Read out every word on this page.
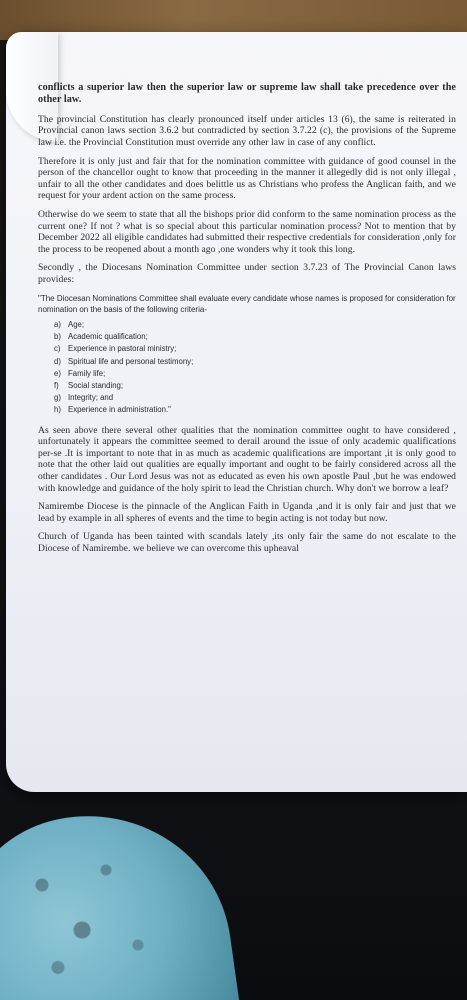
conflicts a superior law then the superior law or supreme law shall take precedence over the other law.

The provincial Constitution has clearly pronounced itself under articles 13 (6), the same is reiterated in Provincial canon laws section 3.6.2 but contradicted by section 3.7.22 (c), the provisions of the Supreme law i.e. the Provincial Constitution must override any other law in case of any conflict.

Therefore it is only just and fair that for the nomination committee with guidance of good counsel in the person of the chancellor ought to know that proceeding in the manner it allegedly did is not only illegal , unfair to all the other candidates and does belittle us as Christians who profess the Anglican faith, and we request for your ardent action on the same process.

Otherwise do we seem to state that all the bishops prior did conform to the same nomination process as the current one? If not ? what is so special about this particular nomination process? Not to mention that by December 2022 all eligible candidates had submitted their respective credentials for consideration ,only for the process to be reopened about a month ago ,one wonders why it took this long.

Secondly , the Diocesans Nomination Committee under section 3.7.23 of The Provincial Canon laws provides:

"The Diocesan Nominations Committee shall evaluate every candidate whose names is proposed for consideration for nomination on the basis of the following criteria-

a) Age;
b) Academic qualification;
c) Experience in pastoral ministry;
d) Spiritual life and personal testimony;
e) Family life;
f) Social standing;
g) Integrity; and
h) Experience in administration."

As seen above there several other qualities that the nomination committee ought to have considered , unfortunately it appears the committee seemed to derail around the issue of only academic qualifications per-se .It is important to note that in as much as academic qualifications are important ,it is only good to note that the other laid out qualities are equally important and ought to be fairly considered across all the other candidates . Our Lord Jesus was not as educated as even his own apostle Paul ,but he was endowed with knowledge and guidance of the holy spirit to lead the Christian church. Why don't we borrow a leaf?

Namirembe Diocese is the pinnacle of the Anglican Faith in Uganda ,and it is only fair and just that we lead by example in all spheres of events and the time to begin acting is not today but now.

Church of Uganda has been tainted with scandals lately ,its only fair the same do not escalate to the Diocese of Namirembe. we believe we can overcome this upheaval
